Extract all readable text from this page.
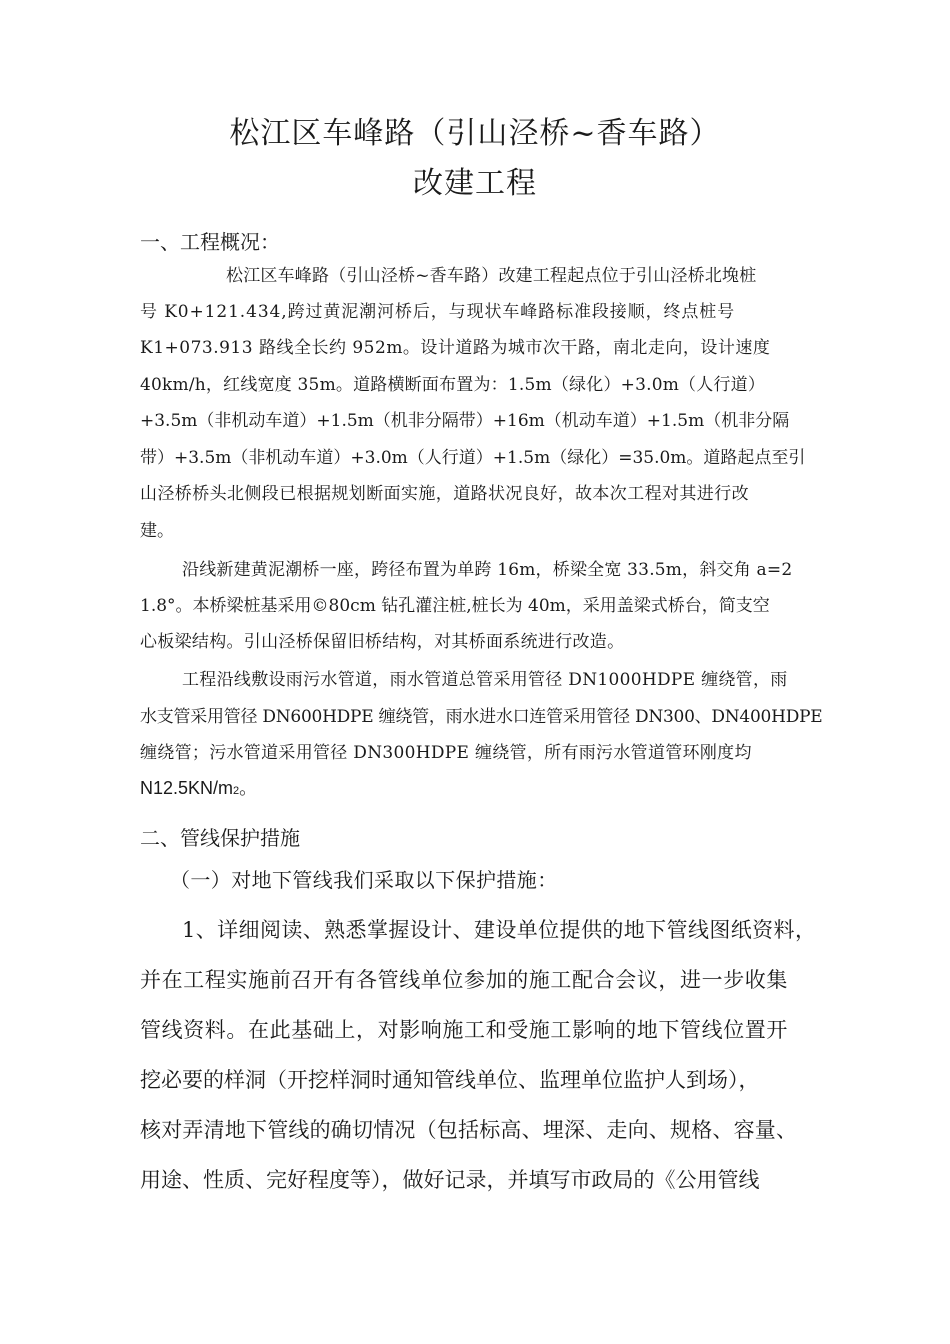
松江区车峰路（引山泾桥~香车路）
改建工程
一、工程概况：
松江区车峰路（引山泾桥~香车路）改建工程起点位于引山泾桥北堍桩
号 K0+121.434,跨过黄泥潮河桥后，与现状车峰路标准段接顺，终点桩号
K1+073.913 路线全长约 952m。设计道路为城市次干路，南北走向，设计速度
40km/h，红线宽度 35m。道路横断面布置为：1.5m（绿化）+3.0m（人行道）
+3.5m（非机动车道）+1.5m（机非分隔带）+16m（机动车道）+1.5m（机非分隔
带）+3.5m（非机动车道）+3.0m（人行道）+1.5m（绿化）=35.0m。道路起点至引
山泾桥桥头北侧段已根据规划断面实施，道路状况良好，故本次工程对其进行改
建。
沿线新建黄泥潮桥一座，跨径布置为单跨 16m，桥梁全宽 33.5m，斜交角 a=2
1.8°。本桥梁桩基采用©80cm 钻孔灌注桩,桩长为 40m，采用盖梁式桥台，简支空
心板梁结构。引山泾桥保留旧桥结构，对其桥面系统进行改造。
工程沿线敷设雨污水管道，雨水管道总管采用管径 DN1000HDPE 缠绕管，雨
水支管采用管径 DN600HDPE 缠绕管，雨水进水口连管采用管径 DN300、DN400HDPE
缠绕管；污水管道采用管径 DN300HDPE 缠绕管，所有雨污水管道管环刚度均
N12.5KN/m2。
二、管线保护措施
（一）对地下管线我们采取以下保护措施：
1、详细阅读、熟悉掌握设计、建设单位提供的地下管线图纸资料，
并在工程实施前召开有各管线单位参加的施工配合会议，进一步收集
管线资料。在此基础上，对影响施工和受施工影响的地下管线位置开
挖必要的样洞（开挖样洞时通知管线单位、监理单位监护人到场），
核对弄清地下管线的确切情况（包括标高、埋深、走向、规格、容量、
用途、性质、完好程度等），做好记录，并填写市政局的《公用管线
